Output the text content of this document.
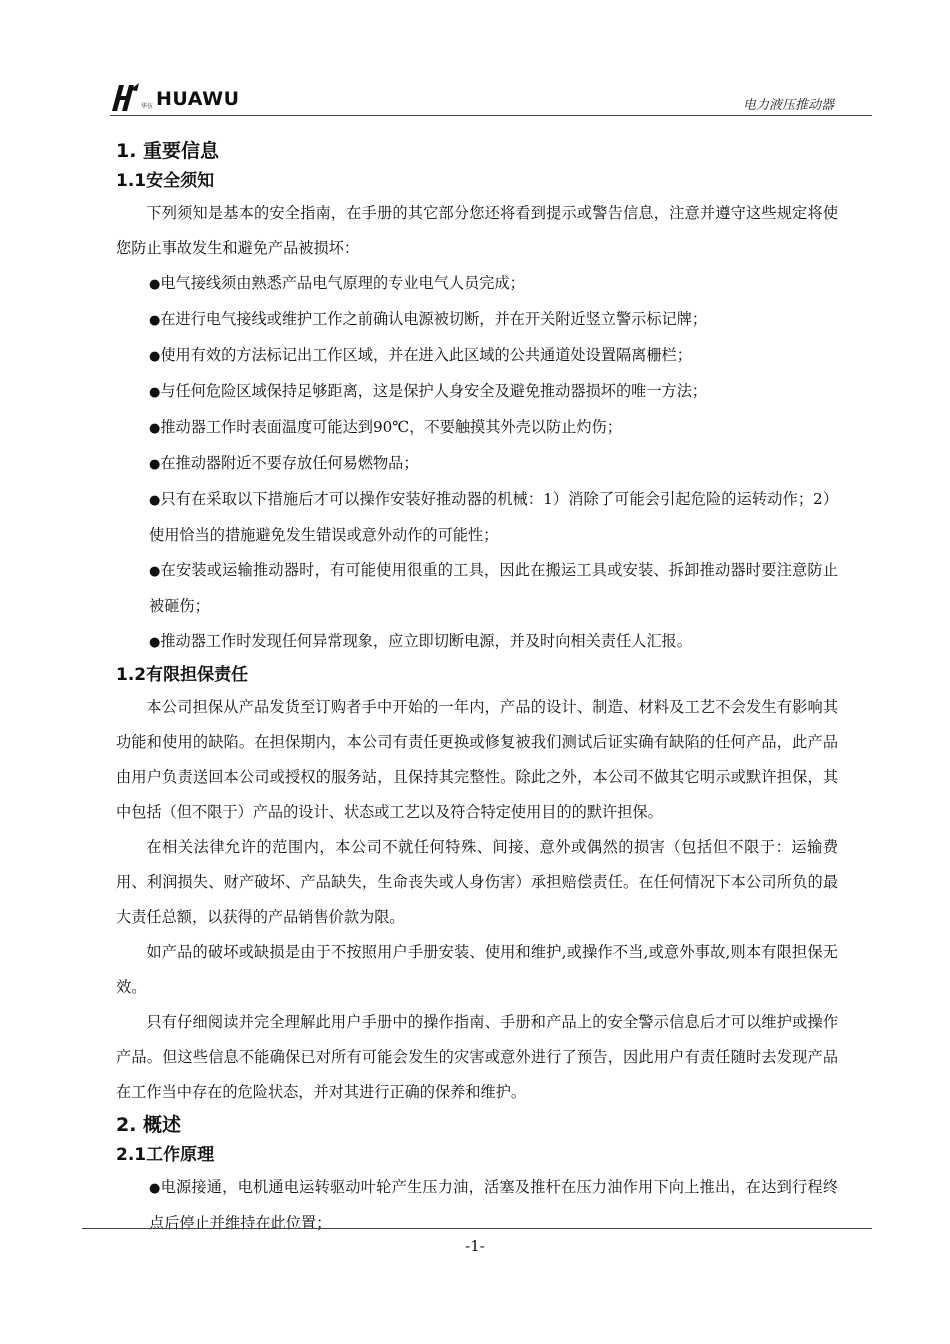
华伍 HUAWU	电力液压推动器
1. 重要信息
1.1安全须知

下列须知是基本的安全指南，在手册的其它部分您还将看到提示或警告信息，注意并遵守这些规定将使您防止事故发生和避免产品被损坏：

●电气接线须由熟悉产品电气原理的专业电气人员完成；
●在进行电气接线或维护工作之前确认电源被切断，并在开关附近竖立警示标记牌；
●使用有效的方法标记出工作区域，并在进入此区域的公共通道处设置隔离栅栏；
●与任何危险区域保持足够距离，这是保护人身安全及避免推动器损坏的唯一方法；
●推动器工作时表面温度可能达到90℃，不要触摸其外壳以防止灼伤；
●在推动器附近不要存放任何易燃物品；
●只有在采取以下措施后才可以操作安装好推动器的机械：1）消除了可能会引起危险的运转动作；2）使用恰当的措施避免发生错误或意外动作的可能性；
●在安装或运输推动器时，有可能使用很重的工具，因此在搬运工具或安装、拆卸推动器时要注意防止被砸伤；
●推动器工作时发现任何异常现象，应立即切断电源，并及时向相关责任人汇报。
1.2有限担保责任

本公司担保从产品发货至订购者手中开始的一年内，产品的设计、制造、材料及工艺不会发生有影响其功能和使用的缺陷。在担保期内，本公司有责任更换或修复被我们测试后证实确有缺陷的任何产品，此产品由用户负责送回本公司或授权的服务站，且保持其完整性。除此之外，本公司不做其它明示或默许担保，其中包括（但不限于）产品的设计、状态或工艺以及符合特定使用目的的默许担保。

在相关法律允许的范围内，本公司不就任何特殊、间接、意外或偶然的损害（包括但不限于：运输费用、利润损失、财产破坏、产品缺失，生命丧失或人身伤害）承担赔偿责任。在任何情况下本公司所负的最大责任总额，以获得的产品销售价款为限。

如产品的破坏或缺损是由于不按照用户手册安装、使用和维护,或操作不当,或意外事故,则本有限担保无效。

只有仔细阅读并完全理解此用户手册中的操作指南、手册和产品上的安全警示信息后才可以维护或操作产品。但这些信息不能确保已对所有可能会发生的灾害或意外进行了预告，因此用户有责任随时去发现产品在工作当中存在的危险状态，并对其进行正确的保养和维护。

2. 概述
2.1工作原理
●电源接通，电机通电运转驱动叶轮产生压力油，活塞及推杆在压力油作用下向上推出，在达到行程终点后停止并维持在此位置；
-1-
